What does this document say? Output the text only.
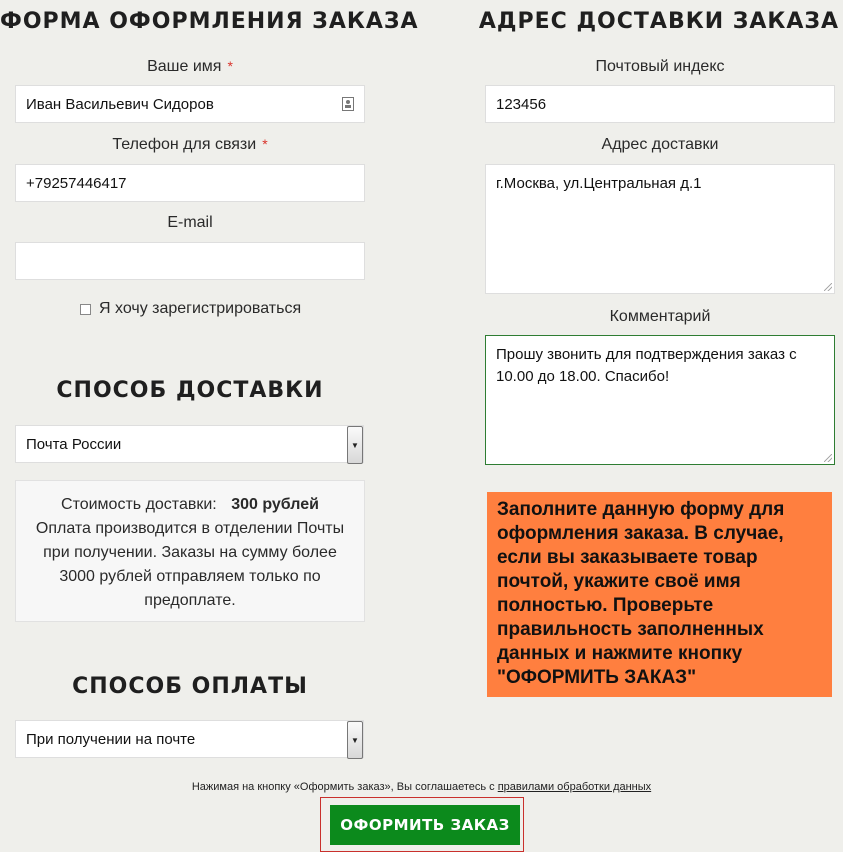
ФОРМА ОФОРМЛЕНИЯ ЗАКАЗА
Ваше имя *
Иван Васильевич Сидоров
Телефон для связи *
+79257446417
E-mail
Я хочу зарегистрироваться
СПОСОБ ДОСТАВКИ
Почта России	▼
Стоимость доставки: 300 рублей
Оплата производится в отделении Почты при получении. Заказы на сумму более 3000 рублей отправляем только по предоплате.
СПОСОБ ОПЛАТЫ
При получении на почте	▼
АДРЕС ДОСТАВКИ ЗАКАЗА
Почтовый индекс
123456
Адрес доставки
г.Москва, ул.Центральная д.1
Комментарий
Прошу звонить для подтверждения заказ с 10.00 до 18.00. Спасибо!
Заполните данную форму для оформления заказа. В случае, если вы заказываете товар почтой, укажите своё имя полностью. Проверьте правильность заполненных данных и нажмите кнопку "ОФОРМИТЬ ЗАКАЗ"
Нажимая на кнопку «Оформить заказ», Вы соглашаетесь с правилами обработки данных
ОФОРМИТЬ ЗАКАЗ
